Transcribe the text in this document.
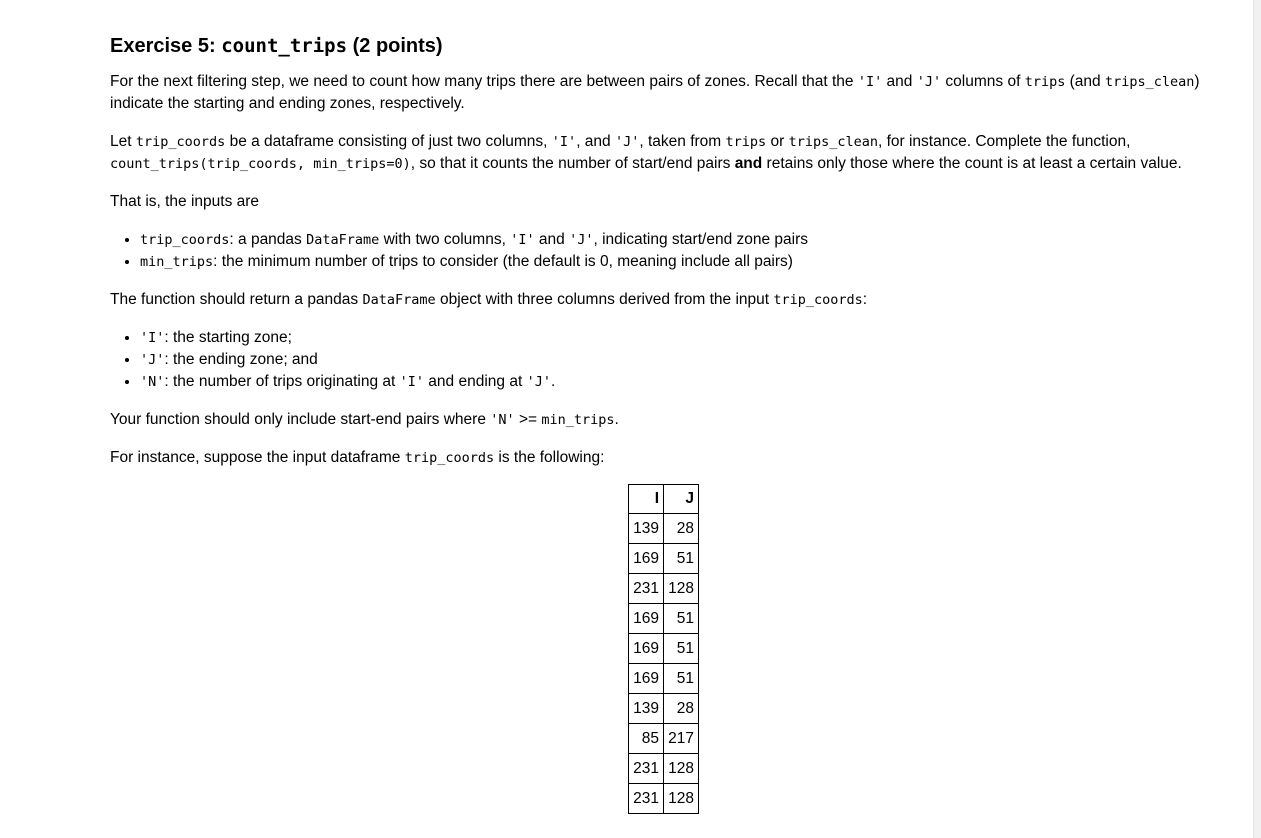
Exercise 5: count_trips (2 points)

For the next filtering step, we need to count how many trips there are between pairs of zones. Recall that the 'I' and 'J' columns of trips (and trips_clean) indicate the starting and ending zones, respectively.

Let trip_coords be a dataframe consisting of just two columns, 'I', and 'J', taken from trips or trips_clean, for instance. Complete the function, count_trips(trip_coords, min_trips=0), so that it counts the number of start/end pairs and retains only those where the count is at least a certain value.

That is, the inputs are

• trip_coords: a pandas DataFrame with two columns, 'I' and 'J', indicating start/end zone pairs
• min_trips: the minimum number of trips to consider (the default is 0, meaning include all pairs)

The function should return a pandas DataFrame object with three columns derived from the input trip_coords:

• 'I': the starting zone;
• 'J': the ending zone; and
• 'N': the number of trips originating at 'I' and ending at 'J'.

Your function should only include start-end pairs where 'N' >= min_trips.

For instance, suppose the input dataframe trip_coords is the following:

I	J
139	28
169	51
231	128
169	51
169	51
169	51
139	28
85	217
231	128
231	128
